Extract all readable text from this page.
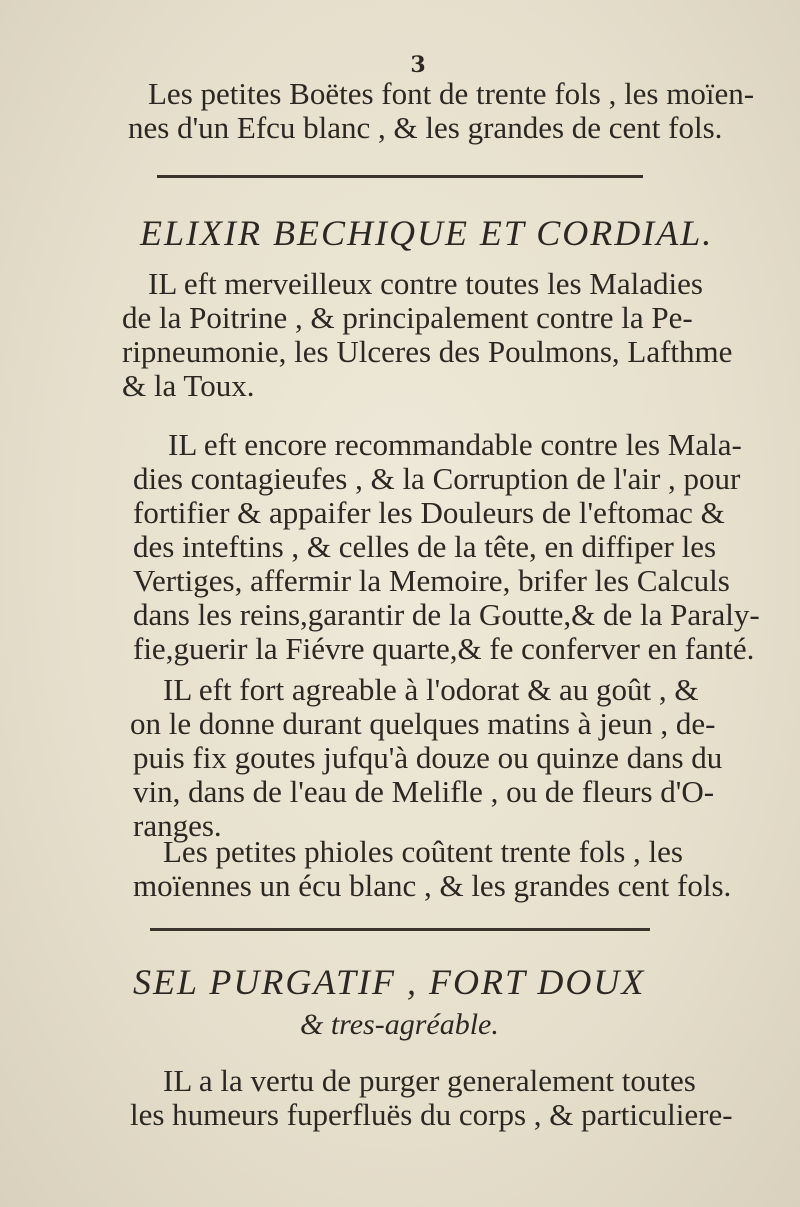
3
Les petites Boëtes font de trente fols , les moïen-
nes d'un Efcu blanc , & les grandes de cent fols.
ELIXIR BECHIQUE ET CORDIAL.
IL eft merveilleux contre toutes les Maladies
de la Poitrine , & principalement contre la Pe-
ripneumonie, les Ulceres des Poulmons, Lafthme
& la Toux.
IL eft encore recommandable contre les Mala-
dies contagieufes , & la Corruption de l'air , pour
fortifier & appaifer les Douleurs de l'eftomac &
des inteftins , & celles de la tête, en diffiper les
Vertiges, affermir la Memoire, brifer les Calculs
dans les reins,garantir de la Goutte,& de la Paraly-
fie,guerir la Fiévre quarte,& fe conferver en fanté.
IL eft fort agreable à l'odorat & au goût , &
on le donne durant quelques matins à jeun , de-
puis fix goutes jufqu'à douze ou quinze dans du
vin, dans de l'eau de Melifle , ou de fleurs d'O-
ranges.
Les petites phioles coûtent trente fols , les
moïennes un écu blanc , & les grandes cent fols.
SEL PURGATIF , FORT DOUX
& tres-agréable.
IL a la vertu de purger generalement toutes
les humeurs fuperfluës du corps , & particuliere-
